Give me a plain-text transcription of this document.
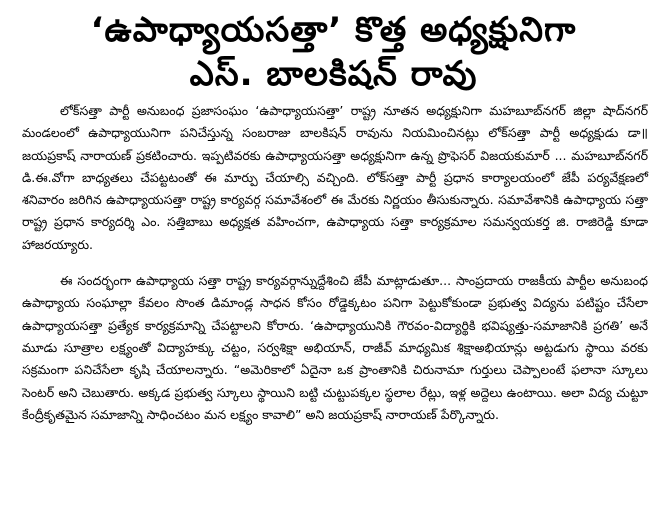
‘ఉపాధ్యాయసత్తా’ కొత్త అధ్యక్షునిగా
ఎస్‌. బాలకిషన్‌ రావు

లోక్‌సత్తా పార్టీ అనుబంధ ప్రజాసంఘం ‘ఉపాధ్యాయసత్తా’ రాష్ట్ర నూతన అధ్యక్షునిగా మహబూబ్‌నగర్‌ జిల్లా షాద్‌నగర్‌ మండలంలో ఉపాధ్యాయునిగా పనిచేస్తున్న సంబరాజు బాలకిషన్‌ రావును నియమించినట్లు లోక్‌సత్తా పార్టీ అధ్యక్షుడు డా॥ జయప్రకాష్‌ నారాయణ్‌ ప్రకటించారు. ఇప్పటివరకు ఉపాధ్యాయసత్తా అధ్యక్షునిగా ఉన్న ప్రొఫెసర్‌ విజయకుమార్‌ ... మహబూబ్‌నగర్‌ డి.ఈ.వోగా బాధ్యతలు చేపట్టటంతో ఈ మార్పు చేయాల్సి వచ్చింది. లోక్‌సత్తా పార్టీ ప్రధాన కార్యాలయంలో జేపీ పర్యవేక్షణలో శనివారం జరిగిన ఉపాధ్యాయసత్తా రాష్ట్ర కార్యవర్గ సమావేశంలో ఈ మేరకు నిర్ణయం తీసుకున్నారు. సమావేశానికి ఉపాధ్యాయ సత్తా రాష్ట్ర ప్రధాన కార్యదర్శి ఎం. సత్తిబాబు అధ్యక్షత వహించగా, ఉపాధ్యాయ సత్తా కార్యక్రమాల సమన్వయకర్త జి. రాజిరెడ్డి కూడా హాజరయ్యారు.

ఈ సందర్భంగా ఉపాధ్యాయ సత్తా రాష్ట్ర కార్యవర్గాన్నుద్దేశించి జేపీ మాట్లాడుతూ... సాంప్రదాయ రాజకీయ పార్టీల అనుబంధ ఉపాధ్యాయ సంఘాల్లా కేవలం సొంత డిమాండ్ల సాధన కోసం రోడ్డెక్కటం పనిగా పెట్టుకోకుండా ప్రభుత్వ విద్యను పటిష్టం చేసేలా ఉపాధ్యాయసత్తా ప్రత్యేక కార్యక్రమాన్ని చేపట్టాలని కోరారు. ‘ఉపాధ్యాయునికి గౌరవం-విద్యార్థికి భవిష్యత్తు-సమాజానికి ప్రగతి’ అనే మూడు సూత్రాల లక్ష్యంతో విద్యాహక్కు చట్టం, సర్వశిక్షా అభియాన్‌, రాజీవ్‌ మాధ్యమిక శిక్షాఅభియాన్లు అట్టడుగు స్థాయి వరకు సక్రమంగా పనిచేసేలా కృషి చేయాలన్నారు. “అమెరికాలో ఏదైనా ఒక ప్రాంతానికి చిరునామా గుర్తులు చెప్పాలంటే ఫలానా స్కూలు సెంటర్‌ అని చెబుతారు. అక్కడ ప్రభుత్వ స్కూలు స్థాయిని బట్టి చుట్టుపక్కల స్థలాల రేట్లు, ఇళ్ల అద్దెలు ఉంటాయి. అలా విద్య చుట్టూ కేంద్రీకృతమైన సమాజాన్ని సాధించటం మన లక్ష్యం కావాలి” అని జయప్రకాష్‌ నారాయణ్‌ పేర్కొన్నారు.
